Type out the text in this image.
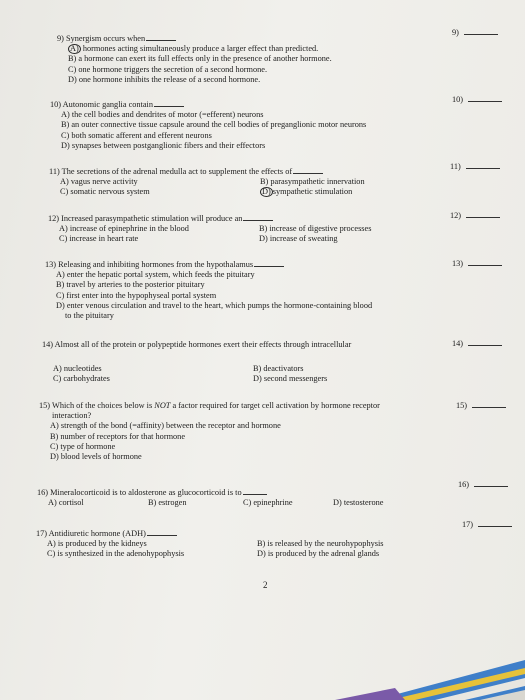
9)
9) Synergism occurs when
A) hormones acting simultaneously produce a larger effect than predicted.
B) a hormone can exert its full effects only in the presence of another hormone.
C) one hormone triggers the secretion of a second hormone.
D) one hormone inhibits the release of a second hormone.
10)
10) Autonomic ganglia contain
A) the cell bodies and dendrites of motor (=efferent) neurons
B) an outer connective tissue capsule around the cell bodies of preganglionic motor neurons
C) both somatic afferent and efferent neurons
D) synapses between postganglionic fibers and their effectors
11)
11) The secretions of the adrenal medulla act to supplement the effects of
A) vagus nerve activity	B) parasympathetic innervation
C) somatic nervous system	D) sympathetic stimulation
12)
12) Increased parasympathetic stimulation will produce an
A) increase of epinephrine in the blood	B) increase of digestive processes
C) increase in heart rate	D) increase of sweating
13)
13) Releasing and inhibiting hormones from the hypothalamus
A) enter the hepatic portal system, which feeds the pituitary
B) travel by arteries to the posterior pituitary
C) first enter into the hypophyseal portal system
D) enter venous circulation and travel to the heart, which pumps the hormone-containing blood
to the pituitary
14)
14) Almost all of the protein or polypeptide hormones exert their effects through intracellular
A) nucleotides	B) deactivators
C) carbohydrates	D) second messengers
15)
15) Which of the choices below is NOT a factor required for target cell activation by hormone receptor
interaction?
A) strength of the bond (=affinity) between the receptor and hormone
B) number of receptors for that hormone
C) type of hormone
D) blood levels of hormone
16)
16) Mineralocorticoid is to aldosterone as glucocorticoid is to
A) cortisol	B) estrogen	C) epinephrine	D) testosterone
17)
17) Antidiuretic hormone (ADH)
A) is produced by the kidneys	B) is released by the neurohypophysis
C) is synthesized in the adenohypophysis	D) is produced by the adrenal glands
2
